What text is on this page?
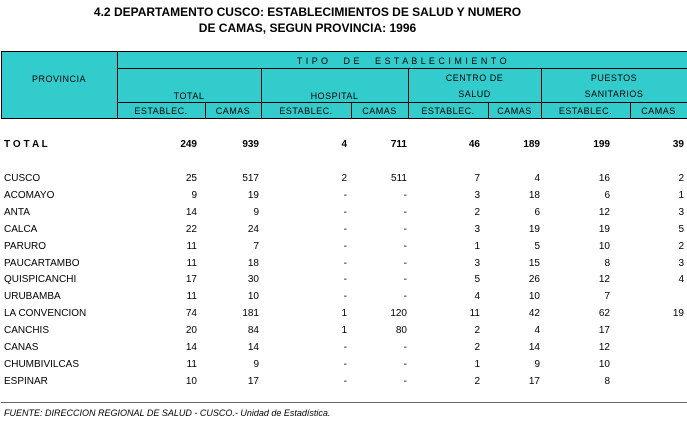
4.2 DEPARTAMENTO CUSCO: ESTABLECIMIENTOS DE SALUD Y NUMERO
DE CAMAS, SEGUN PROVINCIA: 1996
PROVINCIA
T I P O     D E     E S T A B L E C I M I E N T O
TOTAL	HOSPITAL
CENTRO DE
SALUD
PUESTOS
SANITARIOS
ESTABLEC.	CAMAS	ESTABLEC.	CAMAS	ESTABLEC.	CAMAS	ESTABLEC.	CAMAS
T O T A L	249	939	4	711	46	189	199	39
CUSCO	25	517	2	511	7	4	16	2
ACOMAYO	9	19	-	-	3	18	6	1
ANTA	14	9	-	-	2	6	12	3
CALCA	22	24	-	-	3	19	19	5
PARURO	11	7	-	-	1	5	10	2
PAUCARTAMBO	11	18	-	-	3	15	8	3
QUISPICANCHI	17	30	-	-	5	26	12	4
URUBAMBA	11	10	-	-	4	10	7
LA CONVENCION	74	181	1	120	11	42	62	19
CANCHIS	20	84	1	80	2	4	17
CANAS	14	14	-	-	2	14	12
CHUMBIVILCAS	11	9	-	-	1	9	10
ESPINAR	10	17	-	-	2	17	8
FUENTE: DIRECCION REGIONAL DE SALUD - CUSCO.- Unidad de Estadística.
